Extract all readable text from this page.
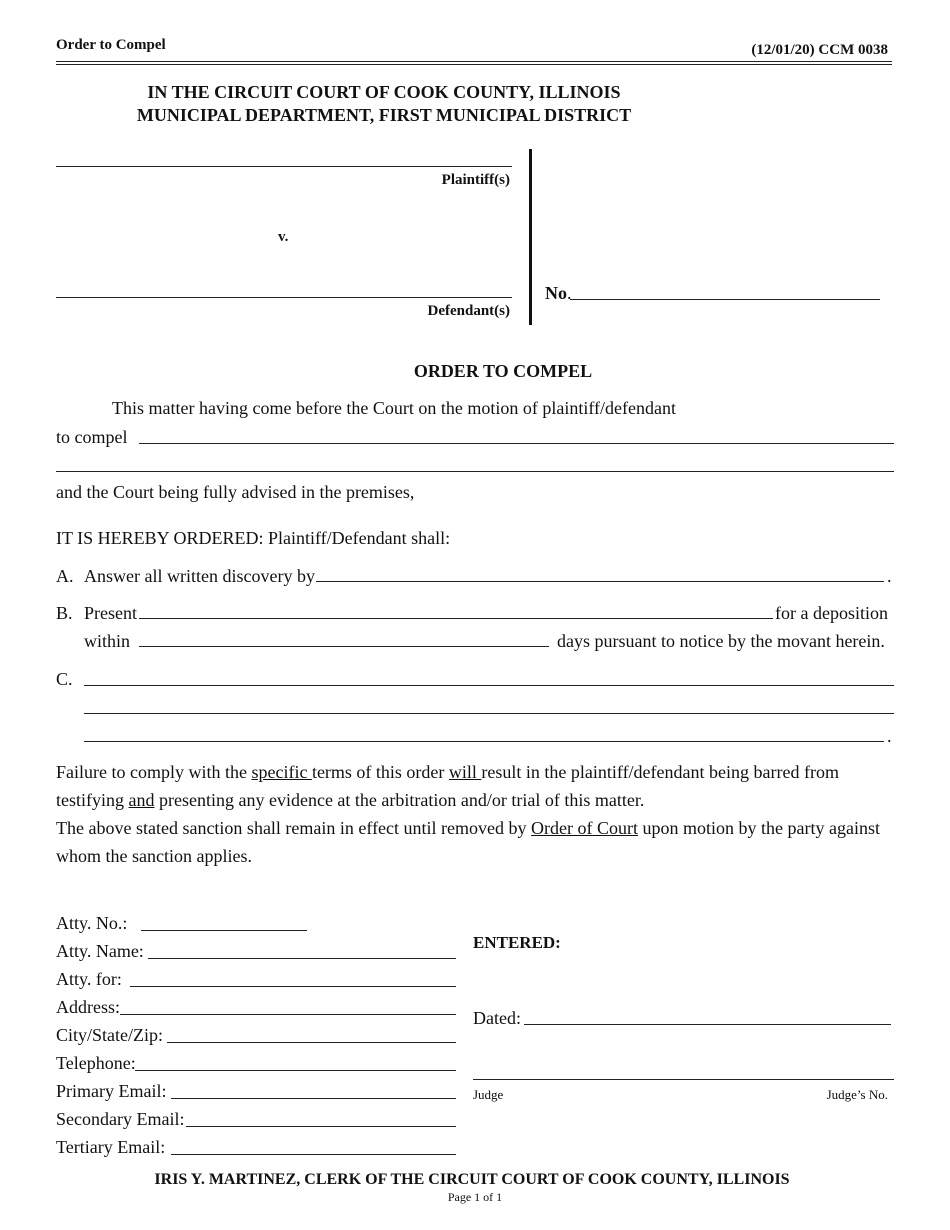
Order to Compel	(12/01/20) CCM 0038
IN THE CIRCUIT COURT OF COOK COUNTY, ILLINOIS
MUNICIPAL DEPARTMENT, FIRST MUNICIPAL DISTRICT
Plaintiff(s)
v.
Defendant(s)
No.
ORDER TO COMPEL
This matter having come before the Court on the motion of plaintiff/defendant
to compel
and the Court being fully advised in the premises,
IT IS HEREBY ORDERED: Plaintiff/Defendant shall:
A. Answer all written discovery by	.
B. Present	for a deposition
within	days pursuant to notice by the movant herein.
C.
.
Failure to comply with the specific terms of this order will result in the plaintiff/defendant being barred from
testifying and presenting any evidence at the arbitration and/or trial of this matter.
The above stated sanction shall remain in effect until removed by Order of Court upon motion by the party against
whom the sanction applies.
Atty. No.:
Atty. Name:
Atty. for:
Address:
City/State/Zip:
Telephone:
Primary Email:
Secondary Email:
Tertiary Email:
ENTERED:
Dated:
Judge	Judge’s No.
IRIS Y. MARTINEZ, CLERK OF THE CIRCUIT COURT OF COOK COUNTY, ILLINOIS
Page 1 of 1
